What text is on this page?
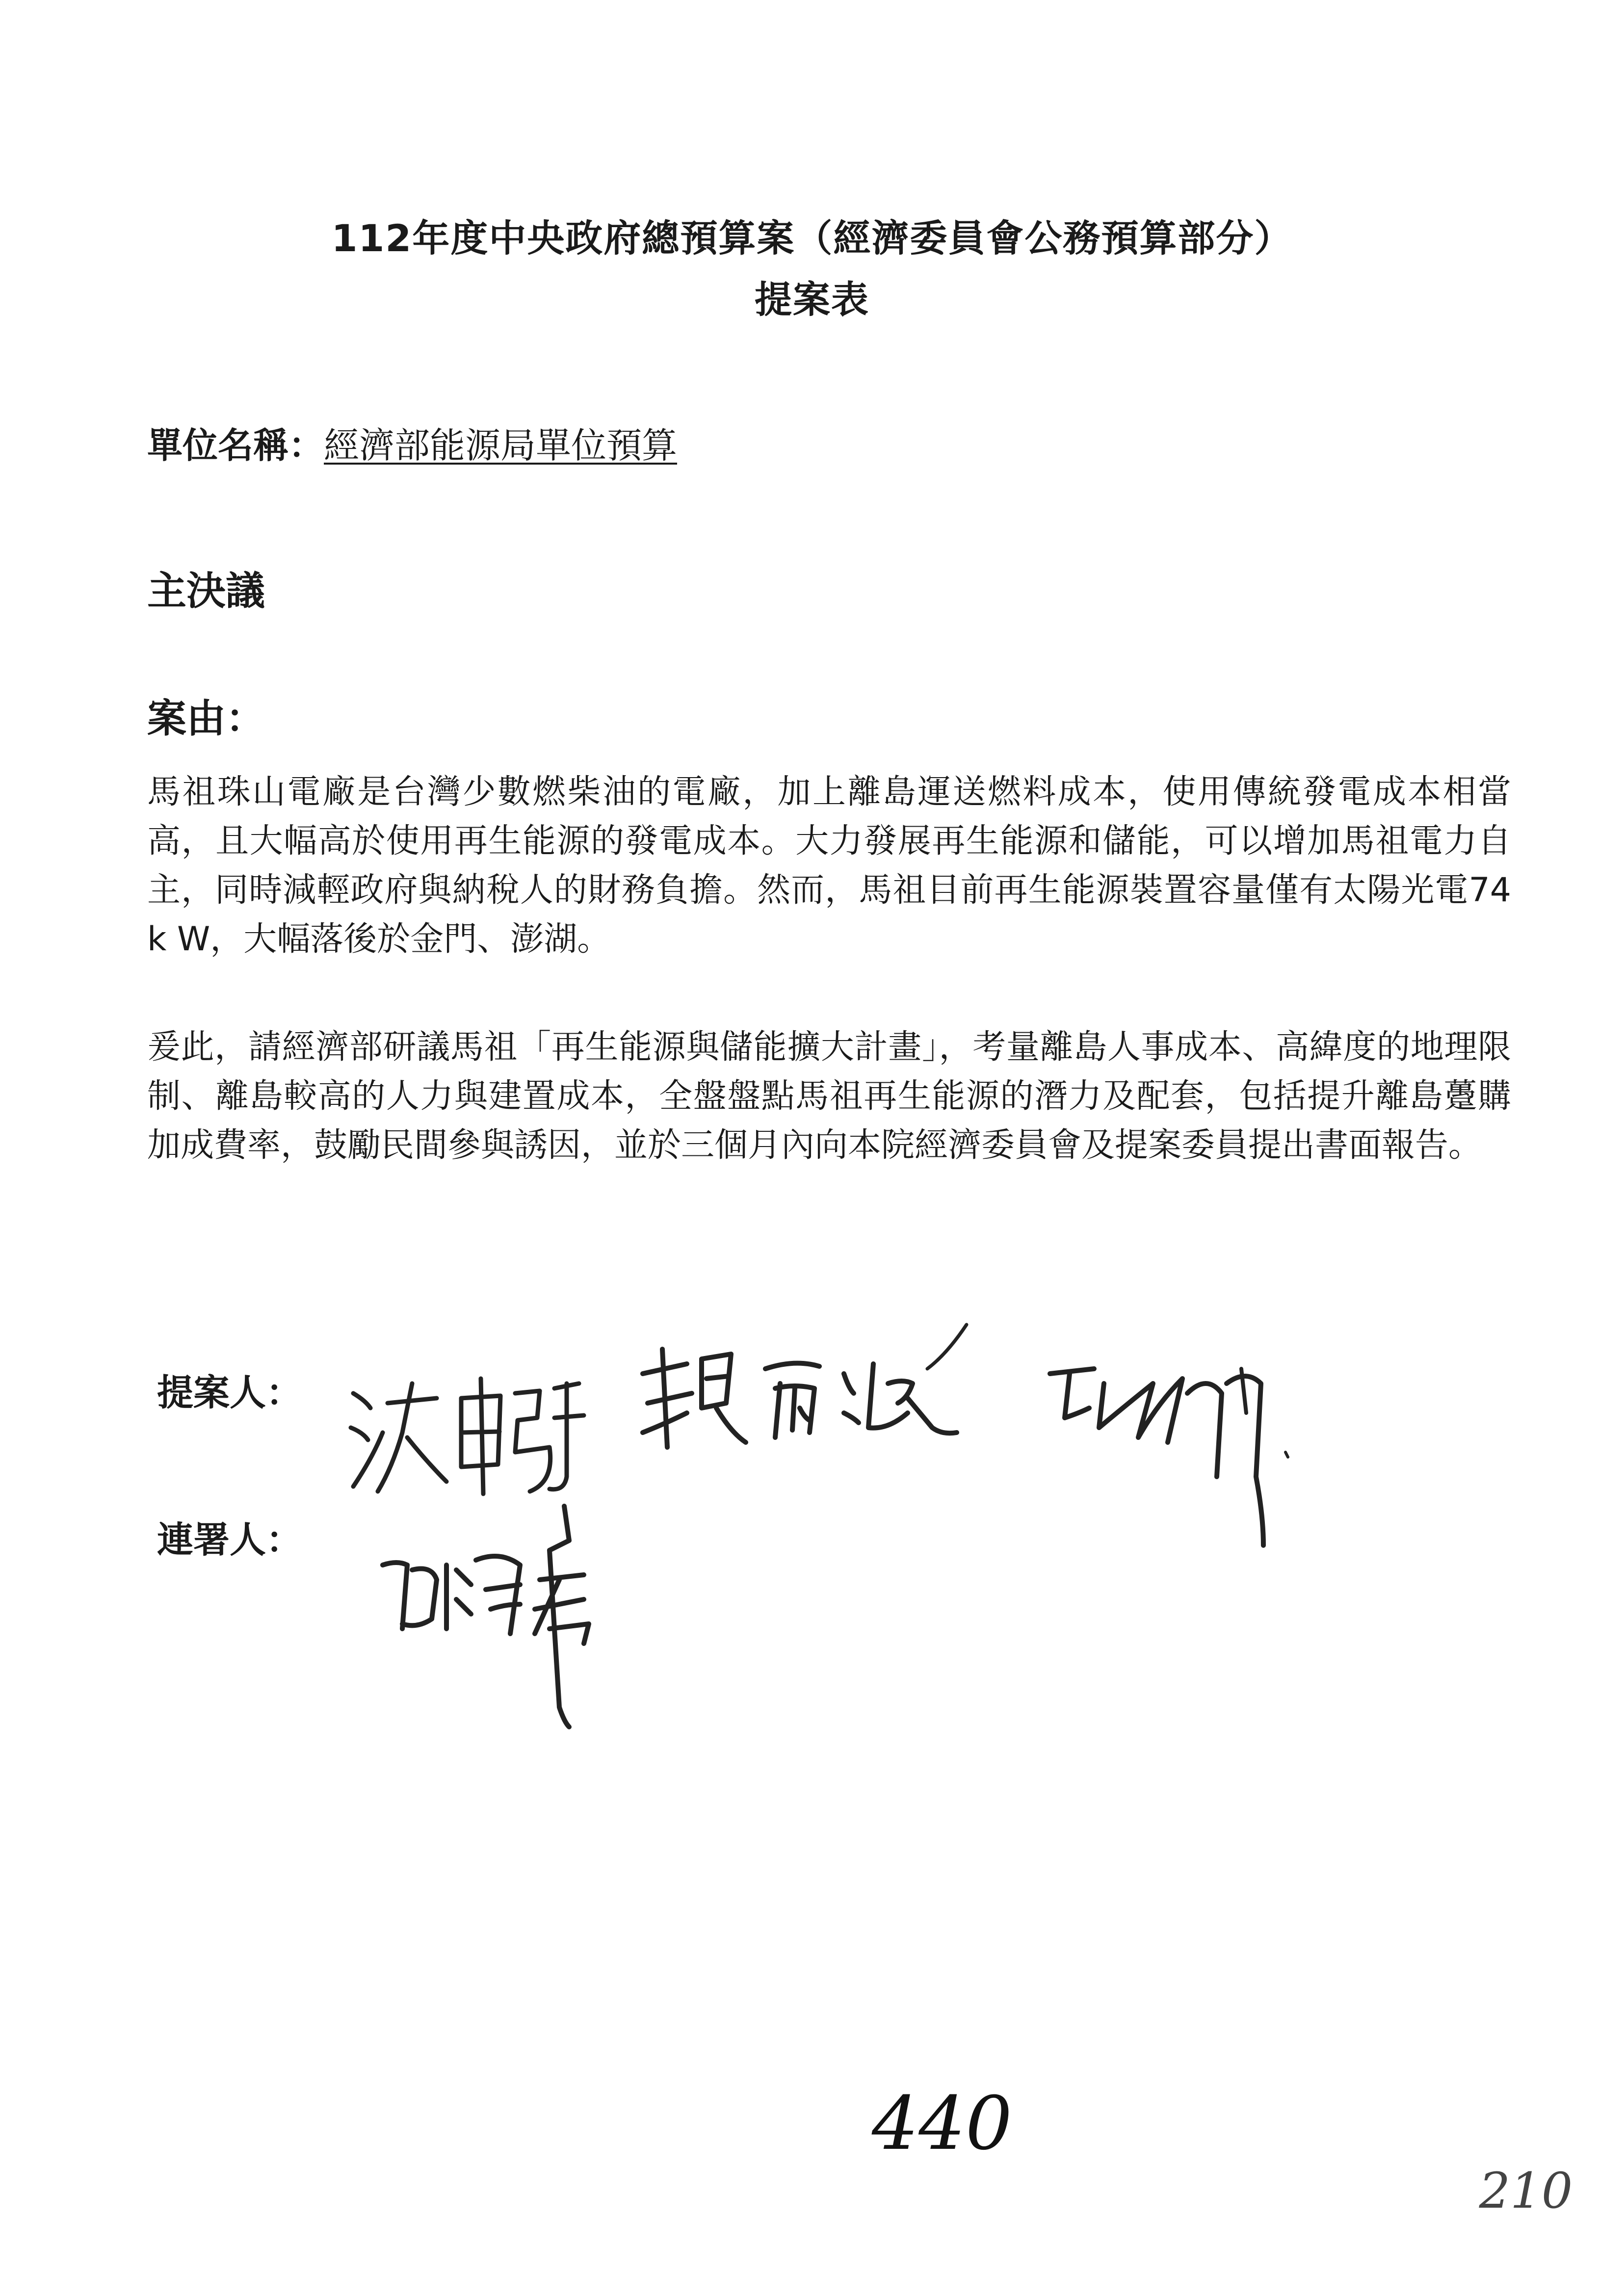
112年度中央政府總預算案（經濟委員會公務預算部分）
提案表
單位名稱：經濟部能源局單位預算
主決議
案由：
馬祖珠山電廠是台灣少數燃柴油的電廠，加上離島運送燃料成本，使用傳統發電成本相當高，且大幅高於使用再生能源的發電成本。大力發展再生能源和儲能，可以增加馬祖電力自主，同時減輕政府與納稅人的財務負擔。然而，馬祖目前再生能源裝置容量僅有太陽光電74 k W，大幅落後於金門、澎湖。
爰此，請經濟部研議馬祖「再生能源與儲能擴大計畫」，考量離島人事成本、高緯度的地理限制、離島較高的人力與建置成本，全盤盤點馬祖再生能源的潛力及配套，包括提升離島躉購加成費率，鼓勵民間參與誘因，並於三個月內向本院經濟委員會及提案委員提出書面報告。
提案人：
連署人：
440
210
